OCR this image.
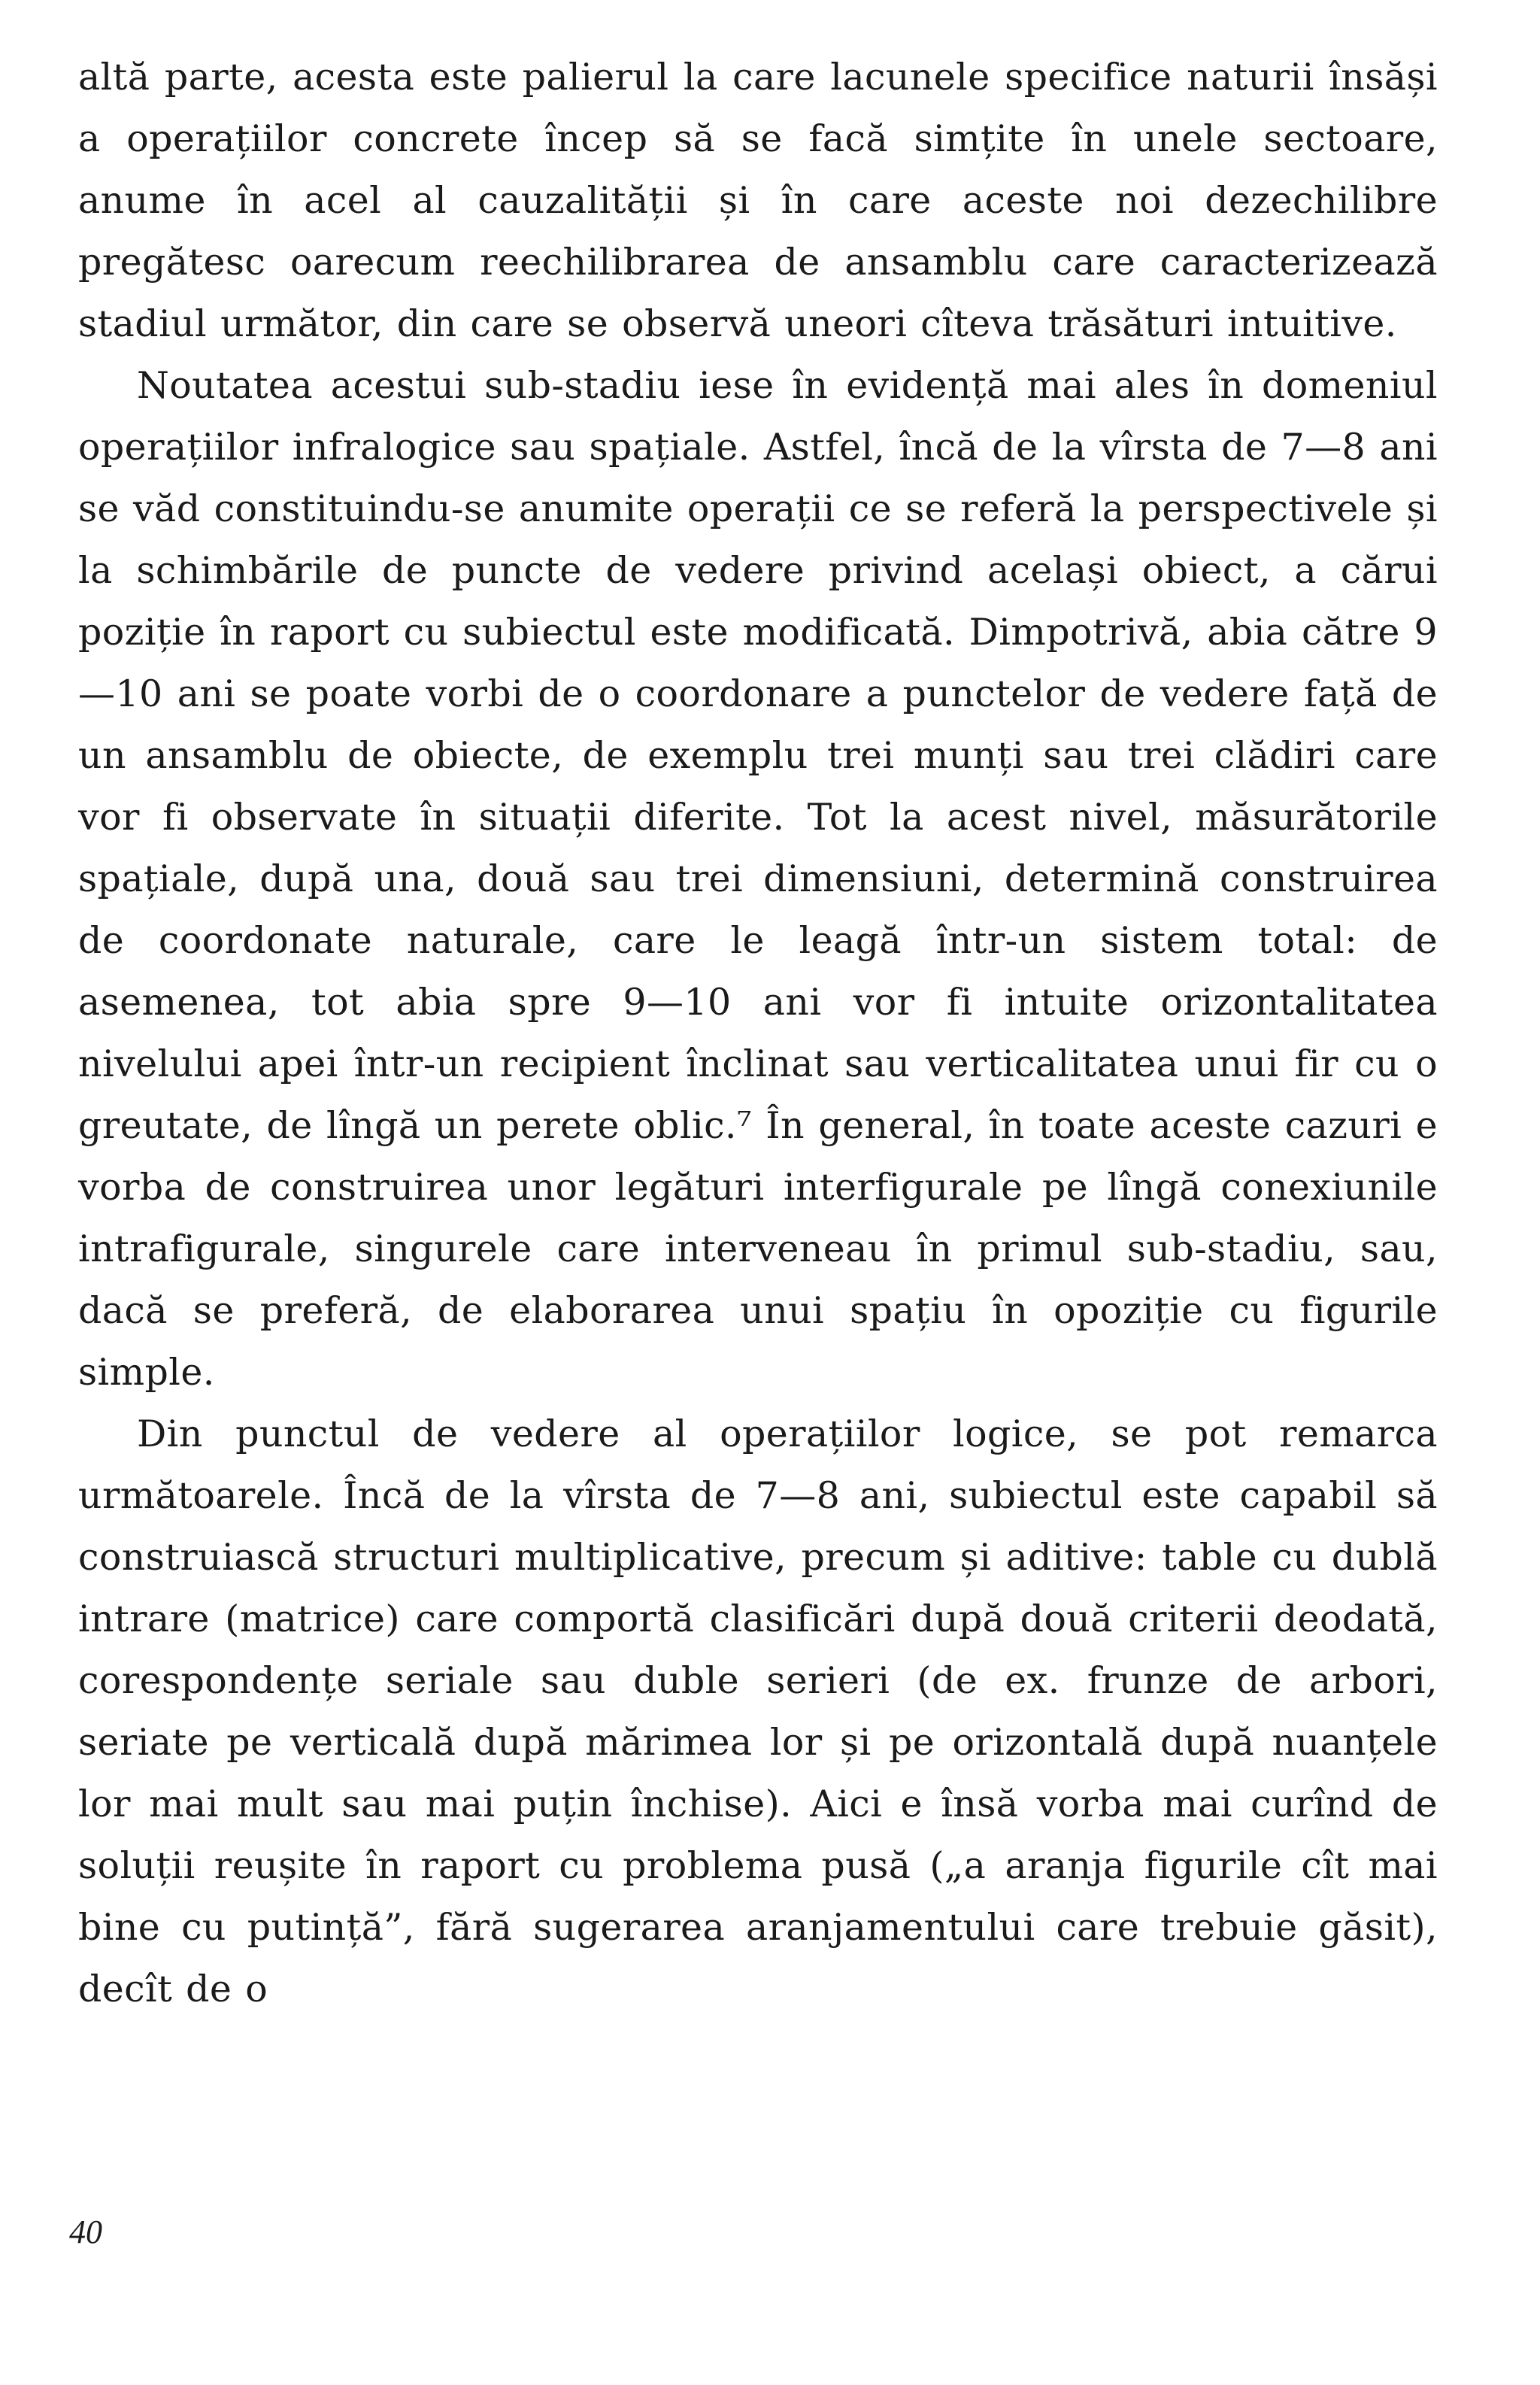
altă parte, acesta este palierul la care lacunele specifice naturii însăși a operațiilor concrete încep să se facă simțite în unele sectoare, anume în acel al cauzalității și în care aceste noi dezechilibre pregătesc oarecum reechilibrarea de ansamblu care caracterizează stadiul următor, din care se observă uneori cîteva trăsături intuitive.

Noutatea acestui sub-stadiu iese în evidență mai ales în domeniul operațiilor infralogice sau spațiale. Astfel, încă de la vîrsta de 7—8 ani se văd constituindu-se anumite operații ce se referă la perspectivele și la schimbările de puncte de vedere privind același obiect, a cărui poziție în raport cu subiectul este modificată. Dimpotrivă, abia către 9—10 ani se poate vorbi de o coordonare a punctelor de vedere față de un ansamblu de obiecte, de exemplu trei munți sau trei clădiri care vor fi observate în situații diferite. Tot la acest nivel, măsurătorile spațiale, după una, două sau trei dimensiuni, determină construirea de coordonate naturale, care le leagă într-un sistem total: de asemenea, tot abia spre 9—10 ani vor fi intuite orizontalitatea nivelului apei într-un recipient înclinat sau verticalitatea unui fir cu o greutate, de lîngă un perete oblic.⁷ În general, în toate aceste cazuri e vorba de construirea unor legături interfigurale pe lîngă conexiunile intrafigurale, singurele care interveneau în primul sub-stadiu, sau, dacă se preferă, de elaborarea unui spațiu în opoziție cu figurile simple.

Din punctul de vedere al operațiilor logice, se pot remarca următoarele. Încă de la vîrsta de 7—8 ani, subiectul este capabil să construiască structuri multiplicative, precum și aditive: table cu dublă intrare (matrice) care comportă clasificări după două criterii deodată, corespondențe seriale sau duble serieri (de ex. frunze de arbori, seriate pe verticală după mărimea lor și pe orizontală după nuanțele lor mai mult sau mai puțin închise). Aici e însă vorba mai curînd de soluții reușite în raport cu problema pusă („a aranja figurile cît mai bine cu putință”, fără sugerarea aranjamentului care trebuie găsit), decît de o

40
